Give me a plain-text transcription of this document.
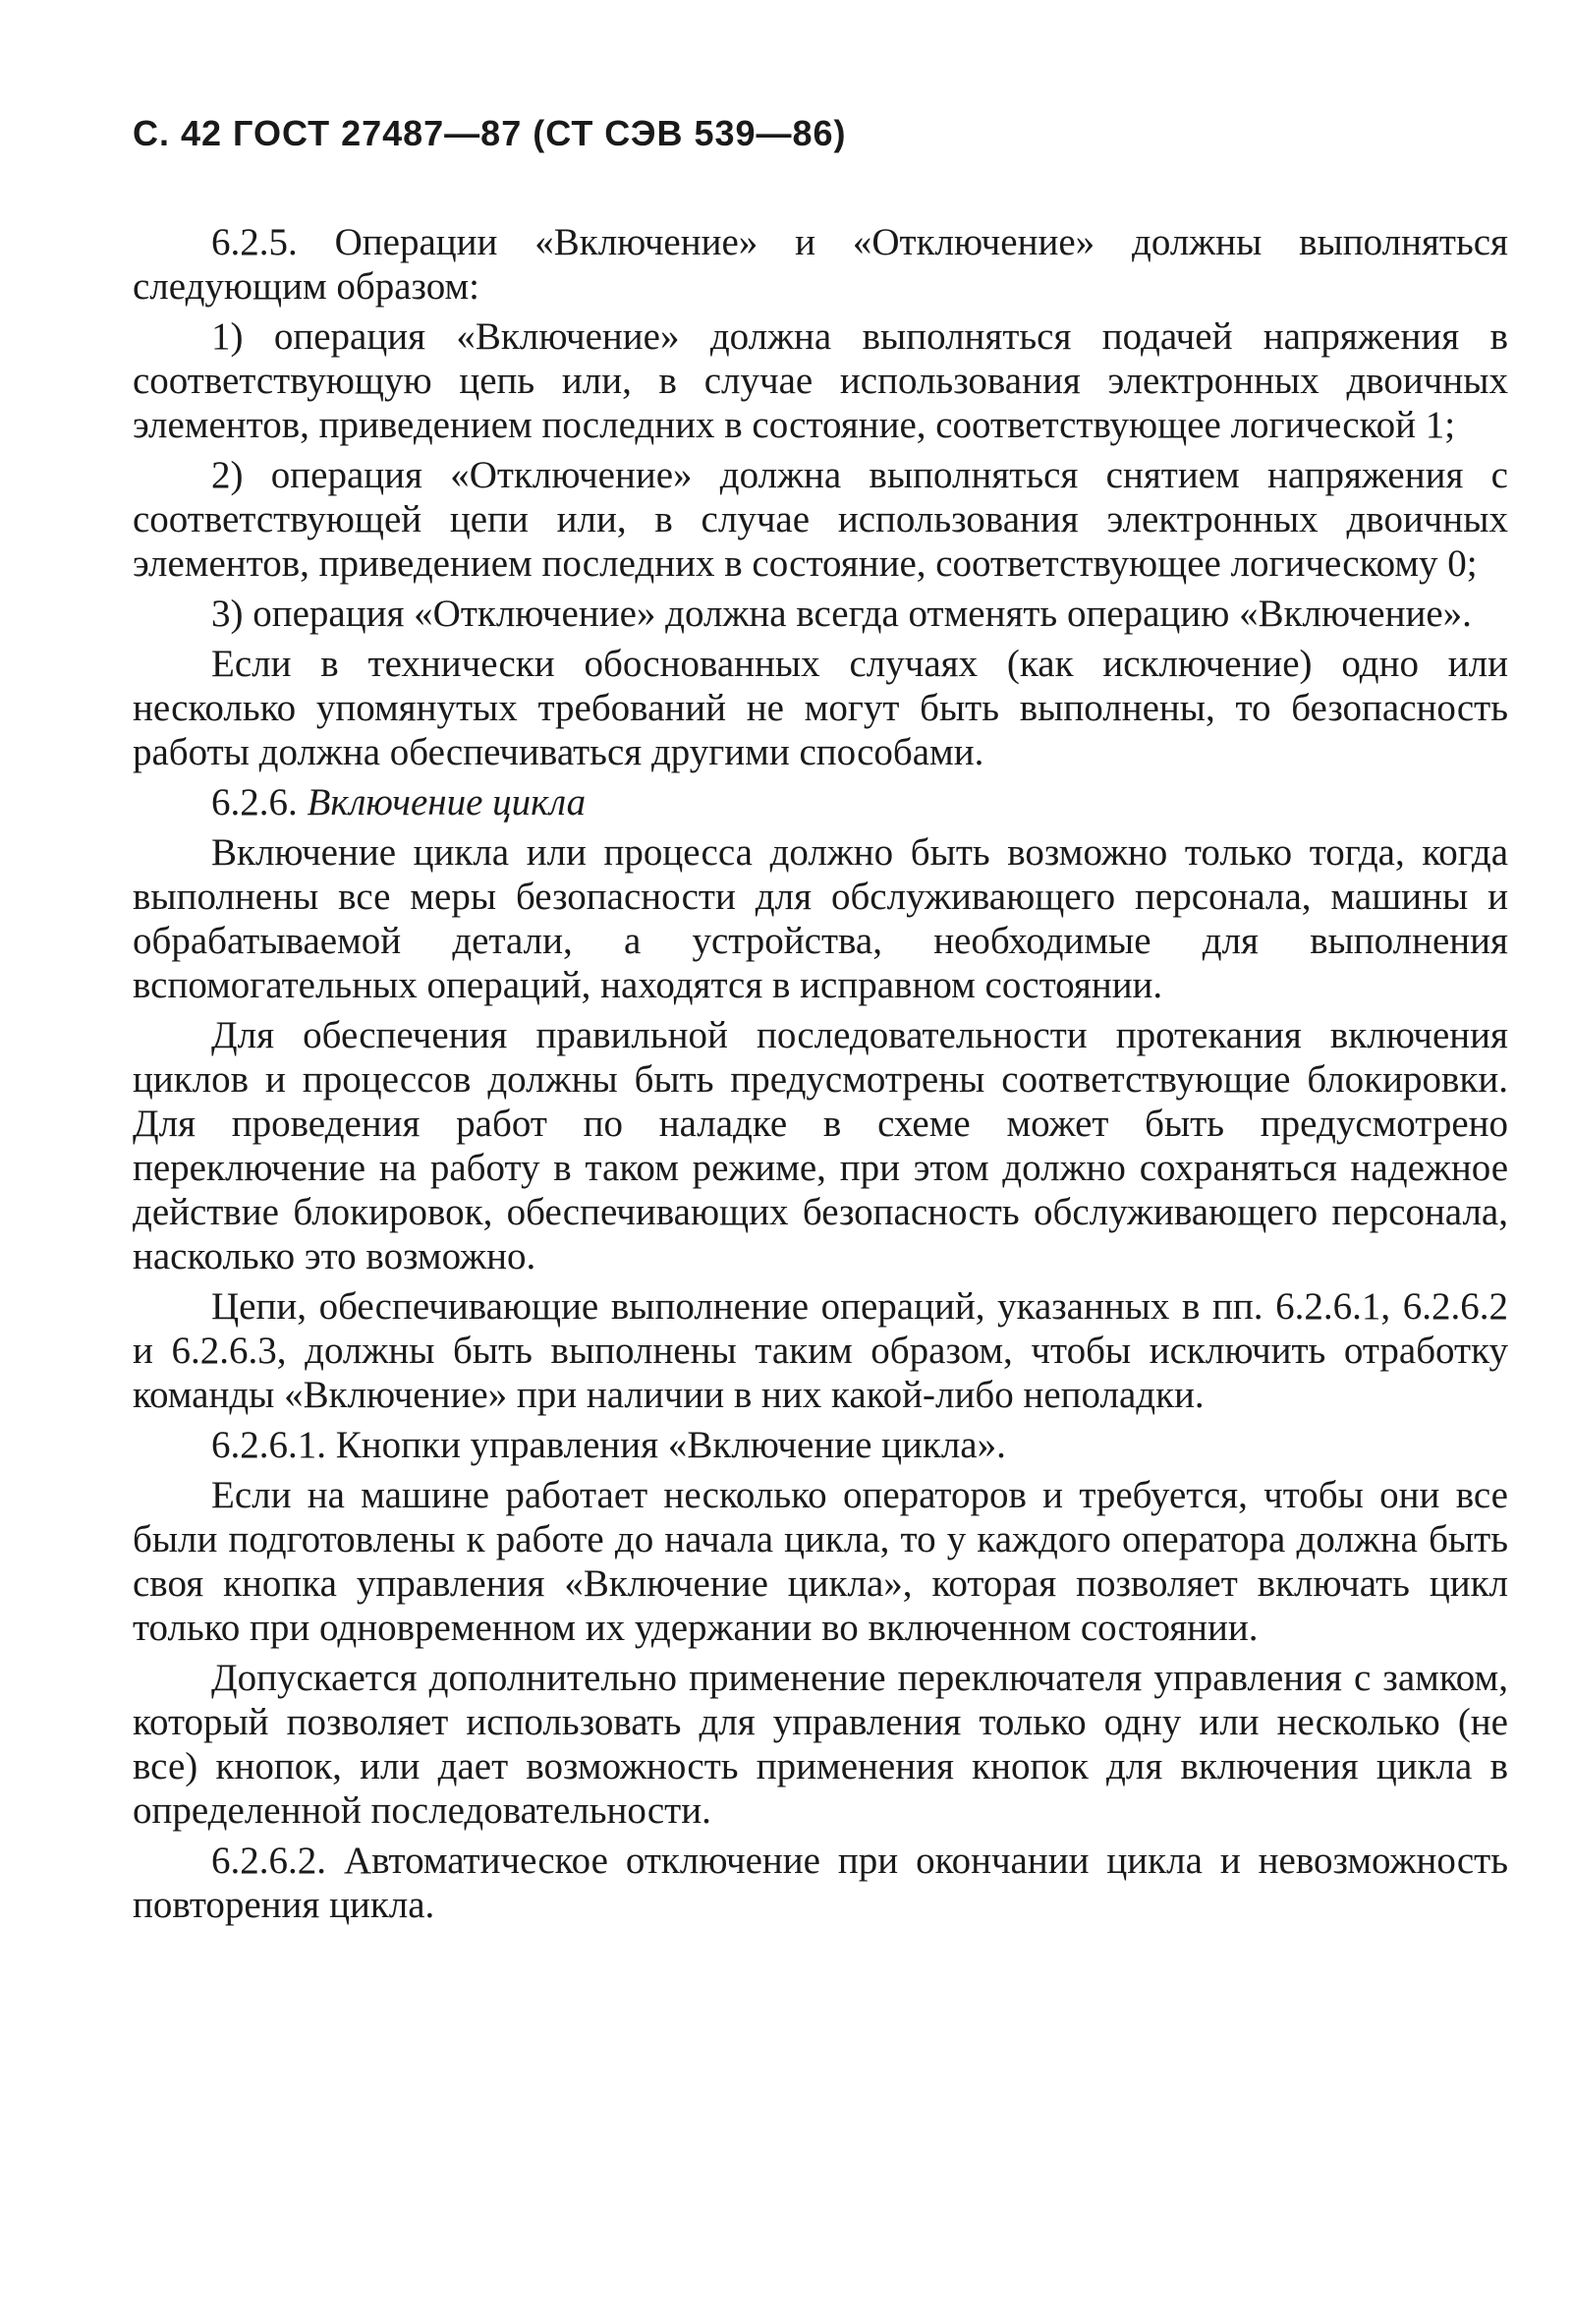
С. 42 ГОСТ 27487—87 (СТ СЭВ 539—86)

6.2.5. Операции «Включение» и «Отключение» должны выполняться следующим образом:

1) операция «Включение» должна выполняться подачей напряжения в соответствующую цепь или, в случае использования электронных двоичных элементов, приведением последних в состояние, соответствующее логической 1;

2) операция «Отключение» должна выполняться снятием напряжения с соответствующей цепи или, в случае использования электронных двоичных элементов, приведением последних в состояние, соответствующее логическому 0;

3) операция «Отключение» должна всегда отменять операцию «Включение».

Если в технически обоснованных случаях (как исключение) одно или несколько упомянутых требований не могут быть выполнены, то безопасность работы должна обеспечиваться другими способами.

6.2.6. Включение цикла

Включение цикла или процесса должно быть возможно только тогда, когда выполнены все меры безопасности для обслуживающего персонала, машины и обрабатываемой детали, а устройства, необходимые для выполнения вспомогательных операций, находятся в исправном состоянии.

Для обеспечения правильной последовательности протекания включения циклов и процессов должны быть предусмотрены соответствующие блокировки. Для проведения работ по наладке в схеме может быть предусмотрено переключение на работу в таком режиме, при этом должно сохраняться надежное действие блокировок, обеспечивающих безопасность обслуживающего персонала, насколько это возможно.

Цепи, обеспечивающие выполнение операций, указанных в пп. 6.2.6.1, 6.2.6.2 и 6.2.6.3, должны быть выполнены таким образом, чтобы исключить отработку команды «Включение» при наличии в них какой-либо неполадки.

6.2.6.1. Кнопки управления «Включение цикла».

Если на машине работает несколько операторов и требуется, чтобы они все были подготовлены к работе до начала цикла, то у каждого оператора должна быть своя кнопка управления «Включение цикла», которая позволяет включать цикл только при одновременном их удержании во включенном состоянии.

Допускается дополнительно применение переключателя управления с замком, который позволяет использовать для управления только одну или несколько (не все) кнопок, или дает возможность применения кнопок для включения цикла в определенной последовательности.

6.2.6.2. Автоматическое отключение при окончании цикла и невозможность повторения цикла.
